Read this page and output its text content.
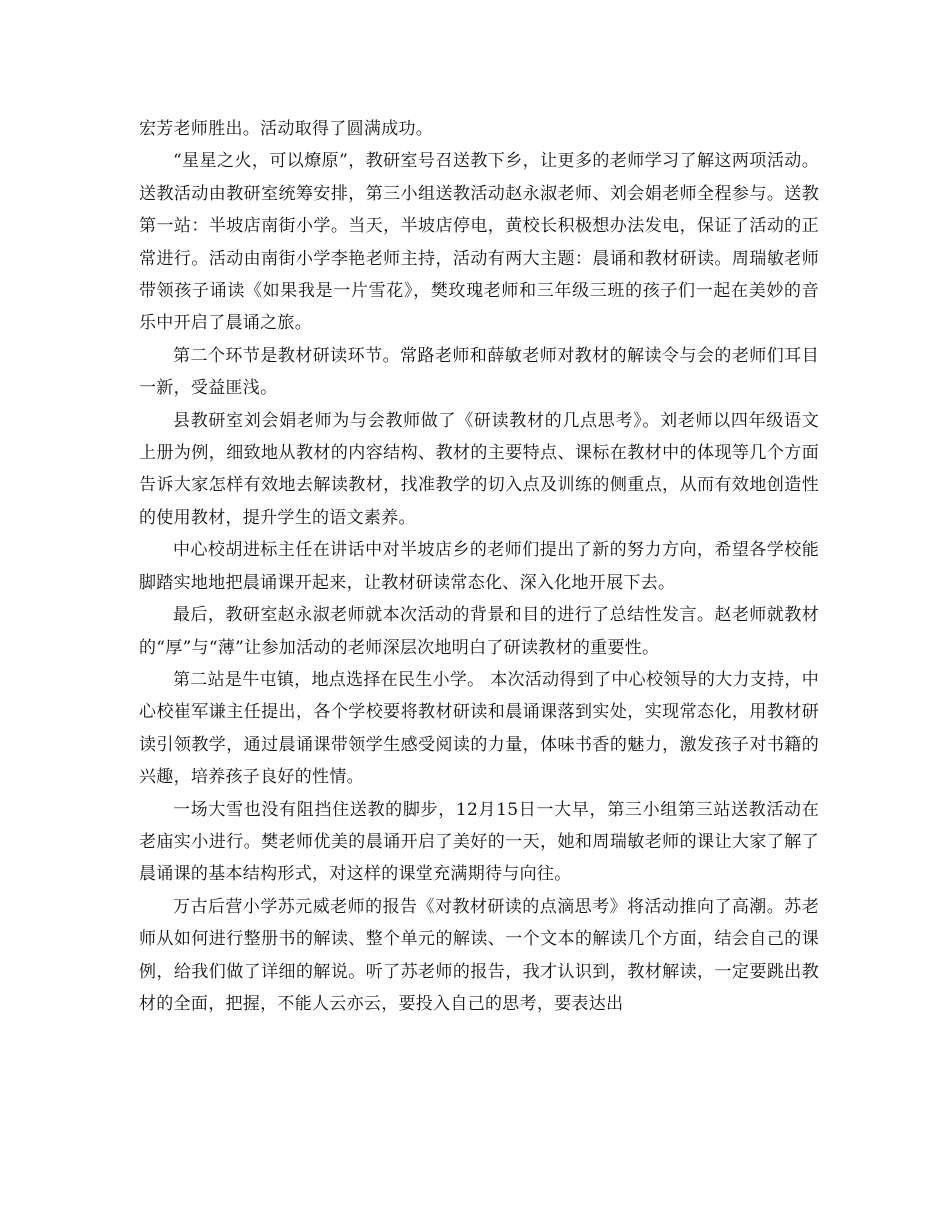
宏芳老师胜出。活动取得了圆满成功。

“星星之火，可以燎原”，教研室号召送教下乡，让更多的老师学习了解这两项活动。送教活动由教研室统筹安排，第三小组送教活动赵永淑老师、刘会娟老师全程参与。送教第一站：半坡店南街小学。当天，半坡店停电，黄校长积极想办法发电，保证了活动的正常进行。活动由南街小学李艳老师主持，活动有两大主题：晨诵和教材研读。周瑞敏老师带领孩子诵读《如果我是一片雪花》，樊玫瑰老师和三年级三班的孩子们一起在美妙的音乐中开启了晨诵之旅。

第二个环节是教材研读环节。常路老师和薛敏老师对教材的解读令与会的老师们耳目一新，受益匪浅。

县教研室刘会娟老师为与会教师做了《研读教材的几点思考》。刘老师以四年级语文上册为例，细致地从教材的内容结构、教材的主要特点、课标在教材中的体现等几个方面告诉大家怎样有效地去解读教材，找准教学的切入点及训练的侧重点，从而有效地创造性的使用教材，提升学生的语文素养。

中心校胡进标主任在讲话中对半坡店乡的老师们提出了新的努力方向，希望各学校能脚踏实地地把晨诵课开起来，让教材研读常态化、深入化地开展下去。

最后，教研室赵永淑老师就本次活动的背景和目的进行了总结性发言。赵老师就教材的“厚”与“薄”让参加活动的老师深层次地明白了研读教材的重要性。

第二站是牛屯镇，地点选择在民生小学。 本次活动得到了中心校领导的大力支持，中心校崔军谦主任提出，各个学校要将教材研读和晨诵课落到实处，实现常态化，用教材研读引领教学，通过晨诵课带领学生感受阅读的力量，体味书香的魅力，激发孩子对书籍的兴趣，培养孩子良好的性情。

一场大雪也没有阻挡住送教的脚步，12月15日一大早，第三小组第三站送教活动在老庙实小进行。樊老师优美的晨诵开启了美好的一天，她和周瑞敏老师的课让大家了解了晨诵课的基本结构形式，对这样的课堂充满期待与向往。

万古后营小学苏元威老师的报告《对教材研读的点滴思考》将活动推向了高潮。苏老师从如何进行整册书的解读、整个单元的解读、一个文本的解读几个方面，结会自己的课例，给我们做了详细的解说。听了苏老师的报告，我才认识到，教材解读，一定要跳出教材的全面，把握，不能人云亦云，要投入自己的思考，要表达出
